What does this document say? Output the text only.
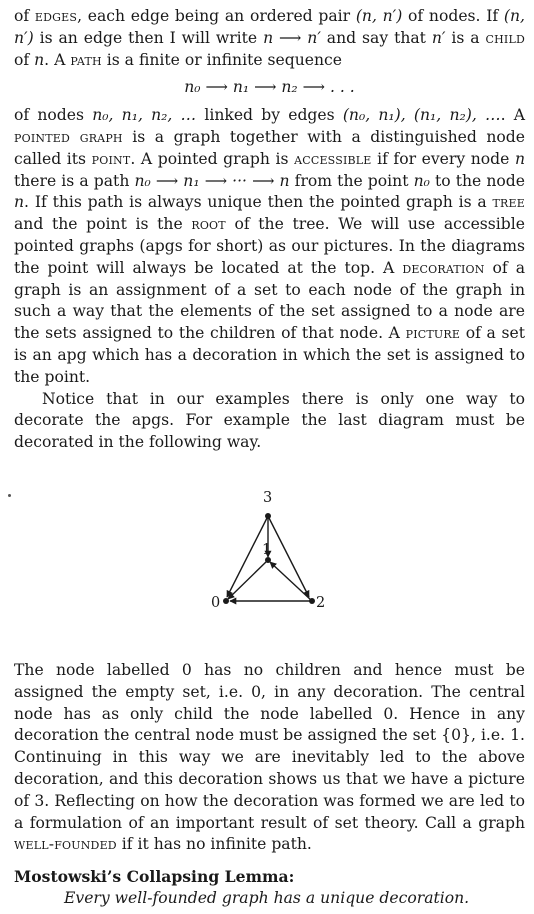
of edges, each edge being an ordered pair (n, n′) of nodes. If (n, n′) is an edge then I will write n ⟶ n′ and say that n′ is a child of n. A path is a finite or infinite sequence

n₀ ⟶ n₁ ⟶ n₂ ⟶ . . .

of nodes n₀, n₁, n₂, … linked by edges (n₀, n₁), (n₁, n₂), …. A pointed graph is a graph together with a distinguished node called its point. A pointed graph is accessible if for every node n there is a path n₀ ⟶ n₁ ⟶ ··· ⟶ n from the point n₀ to the node n. If this path is always unique then the pointed graph is a tree and the point is the root of the tree. We will use accessible pointed graphs (apgs for short) as our pictures. In the diagrams the point will always be located at the top. A decoration of a graph is an assignment of a set to each node of the graph in such a way that the elements of the set assigned to a node are the sets assigned to the children of that node. A picture of a set is an apg which has a decoration in which the set is assigned to the point.

Notice that in our examples there is only one way to decorate the apgs. For example the last diagram must be decorated in the following way.

3
1
0	2

The node labelled 0 has no children and hence must be assigned the empty set, i.e. 0, in any decoration. The central node has as only child the node labelled 0. Hence in any decoration the central node must be assigned the set {0}, i.e. 1. Continuing in this way we are inevitably led to the above decoration, and this decoration shows us that we have a picture of 3. Reflecting on how the decoration was formed we are led to a formulation of an important result of set theory. Call a graph well-founded if it has no infinite path.

Mostowski’s Collapsing Lemma:

Every well-founded graph has a unique decoration.
